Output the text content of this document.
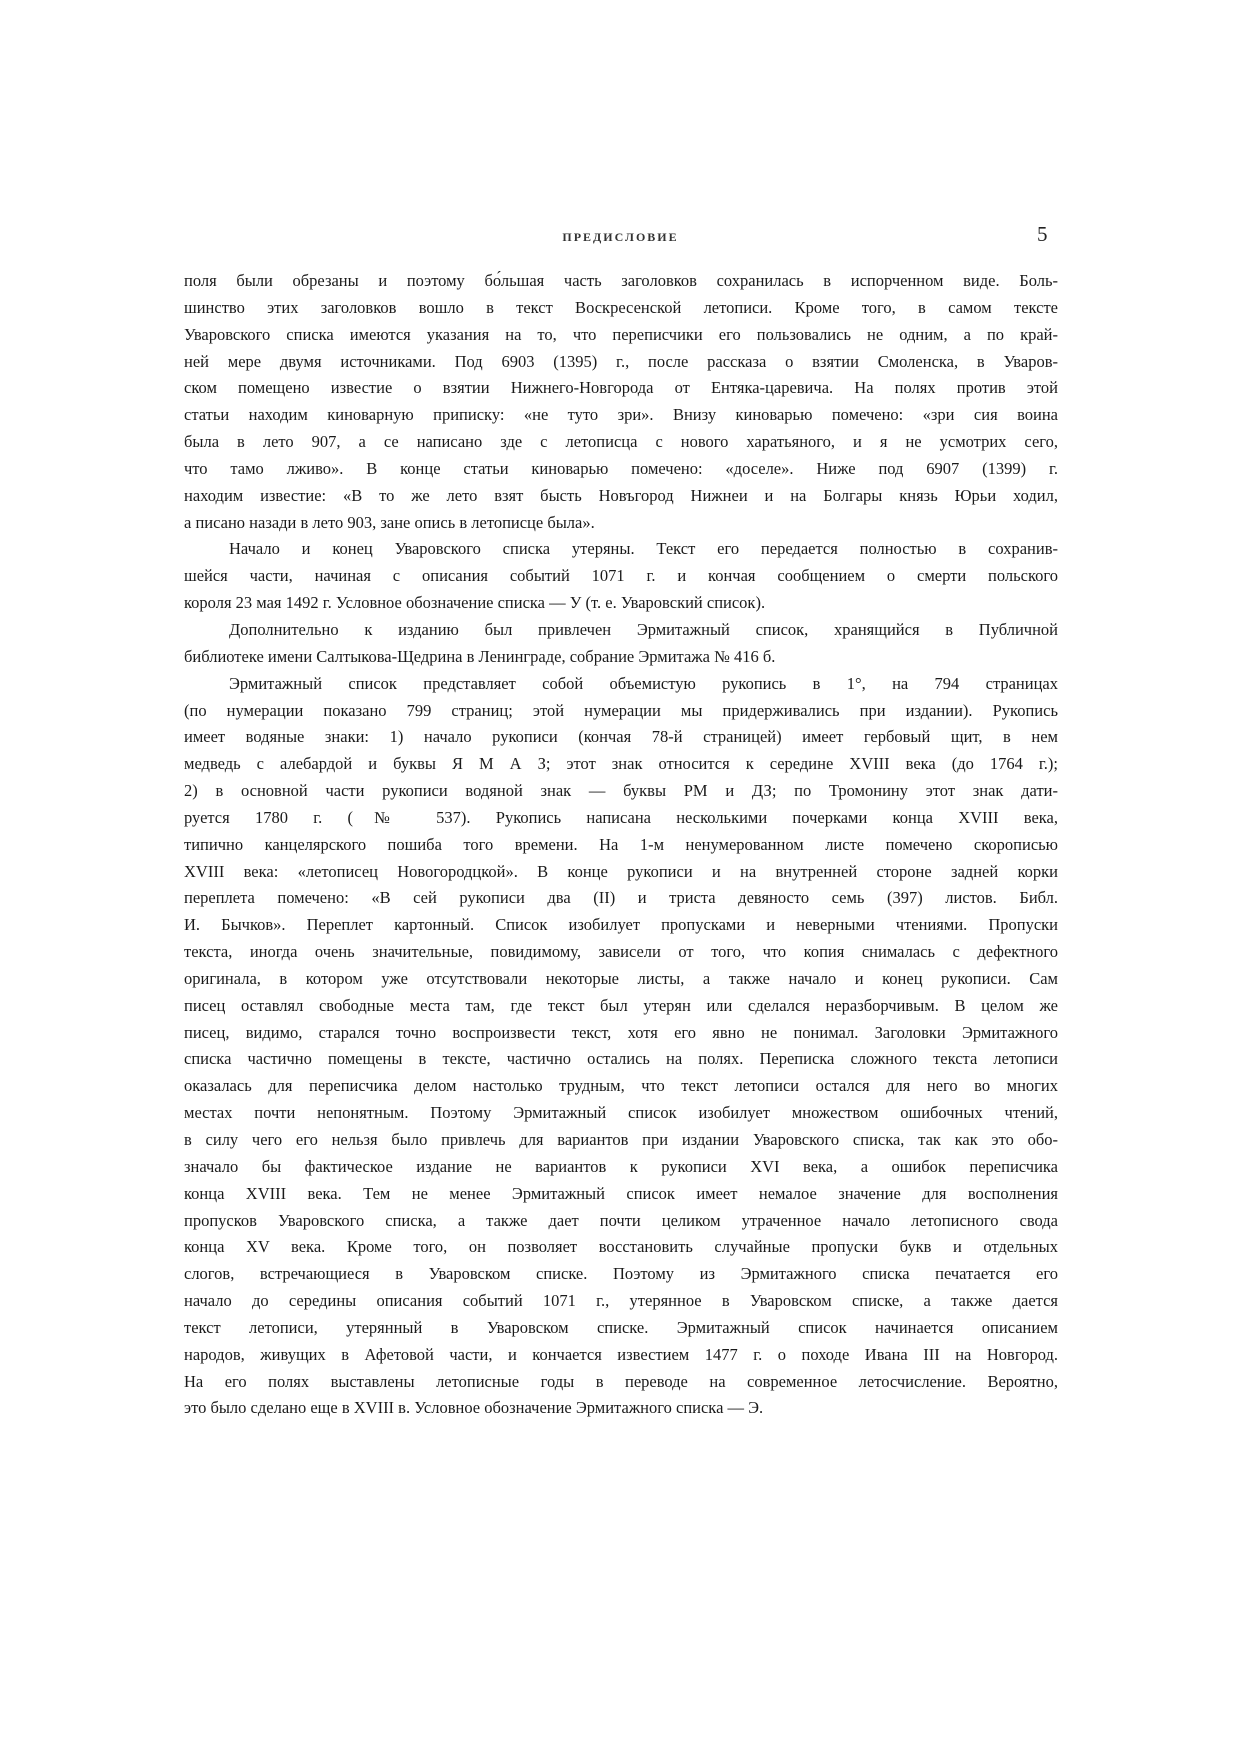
ПРЕДИСЛОВИЕ	5
поля были обрезаны и поэтому бо́льшая часть заголовков сохранилась в испорченном виде. Боль-
шинство этих заголовков вошло в текст Воскресенской летописи. Кроме того, в самом тексте
Уваровского списка имеются указания на то, что переписчики его пользовались не одним, а по край-
ней мере двумя источниками. Под 6903 (1395) г., после рассказа о взятии Смоленска, в Уваров-
ском помещено известие о взятии Нижнего-Новгорода от Ентяка-царевича. На полях против этой
статьи находим киноварную приписку: «не туто зри». Внизу киноварью помечено: «зри сия воина
была в лето 907, а се написано зде с летописца с нового харатьяного, и я не усмотрих сего,
что тамо лживо». В конце статьи киноварью помечено: «доселе». Ниже под 6907 (1399) г.
находим известие: «В то же лето взят бысть Новъгород Нижнеи и на Болгары князь Юрьи ходил,
а писано назади в лето 903, зане опись в летописце была».
Начало и конец Уваровского списка утеряны. Текст его передается полностью в сохранив-
шейся части, начиная с описания событий 1071 г. и кончая сообщением о смерти польского
короля 23 мая 1492 г. Условное обозначение списка — У (т. е. Уваровский список).
Дополнительно к изданию был привлечен Эрмитажный список, хранящийся в Публичной
библиотеке имени Салтыкова-Щедрина в Ленинграде, собрание Эрмитажа № 416 б.
Эрмитажный список представляет собой объемистую рукопись в 1°, на 794 страницах
(по нумерации показано 799 страниц; этой нумерации мы придерживались при издании). Рукопись
имеет водяные знаки: 1) начало рукописи (кончая 78-й страницей) имеет гербовый щит, в нем
медведь с алебардой и буквы Я М А З; этот знак относится к середине XVIII века (до 1764 г.);
2) в основной части рукописи водяной знак — буквы РМ и ДЗ; по Тромонину этот знак дати-
руется 1780 г. (№ 537). Рукопись написана несколькими почерками конца XVIII века,
типично канцелярского пошиба того времени. На 1-м ненумерованном листе помечено скорописью
XVIII века: «летописец Новогородцкой». В конце рукописи и на внутренней стороне задней корки
переплета помечено: «В сей рукописи два (II) и триста девяносто семь (397) листов. Библ.
И. Бычков». Переплет картонный. Список изобилует пропусками и неверными чтениями. Пропуски
текста, иногда очень значительные, повидимому, зависели от того, что копия снималась с дефектного
оригинала, в котором уже отсутствовали некоторые листы, а также начало и конец рукописи. Сам
писец оставлял свободные места там, где текст был утерян или сделался неразборчивым. В целом же
писец, видимо, старался точно воспроизвести текст, хотя его явно не понимал. Заголовки Эрмитажного
списка частично помещены в тексте, частично остались на полях. Переписка сложного текста летописи
оказалась для переписчика делом настолько трудным, что текст летописи остался для него во многих
местах почти непонятным. Поэтому Эрмитажный список изобилует множеством ошибочных чтений,
в силу чего его нельзя было привлечь для вариантов при издании Уваровского списка, так как это обо-
значало бы фактическое издание не вариантов к рукописи XVI века, а ошибок переписчика
конца XVIII века. Тем не менее Эрмитажный список имеет немалое значение для восполнения
пропусков Уваровского списка, а также дает почти целиком утраченное начало летописного свода
конца XV века. Кроме того, он позволяет восстановить случайные пропуски букв и отдельных
слогов, встречающиеся в Уваровском списке. Поэтому из Эрмитажного списка печатается его
начало до середины описания событий 1071 г., утерянное в Уваровском списке, а также дается
текст летописи, утерянный в Уваровском списке. Эрмитажный список начинается описанием
народов, живущих в Афетовой части, и кончается известием 1477 г. о походе Ивана III на Новгород.
На его полях выставлены летописные годы в переводе на современное летосчисление. Вероятно,
это было сделано еще в XVIII в. Условное обозначение Эрмитажного списка — Э.
